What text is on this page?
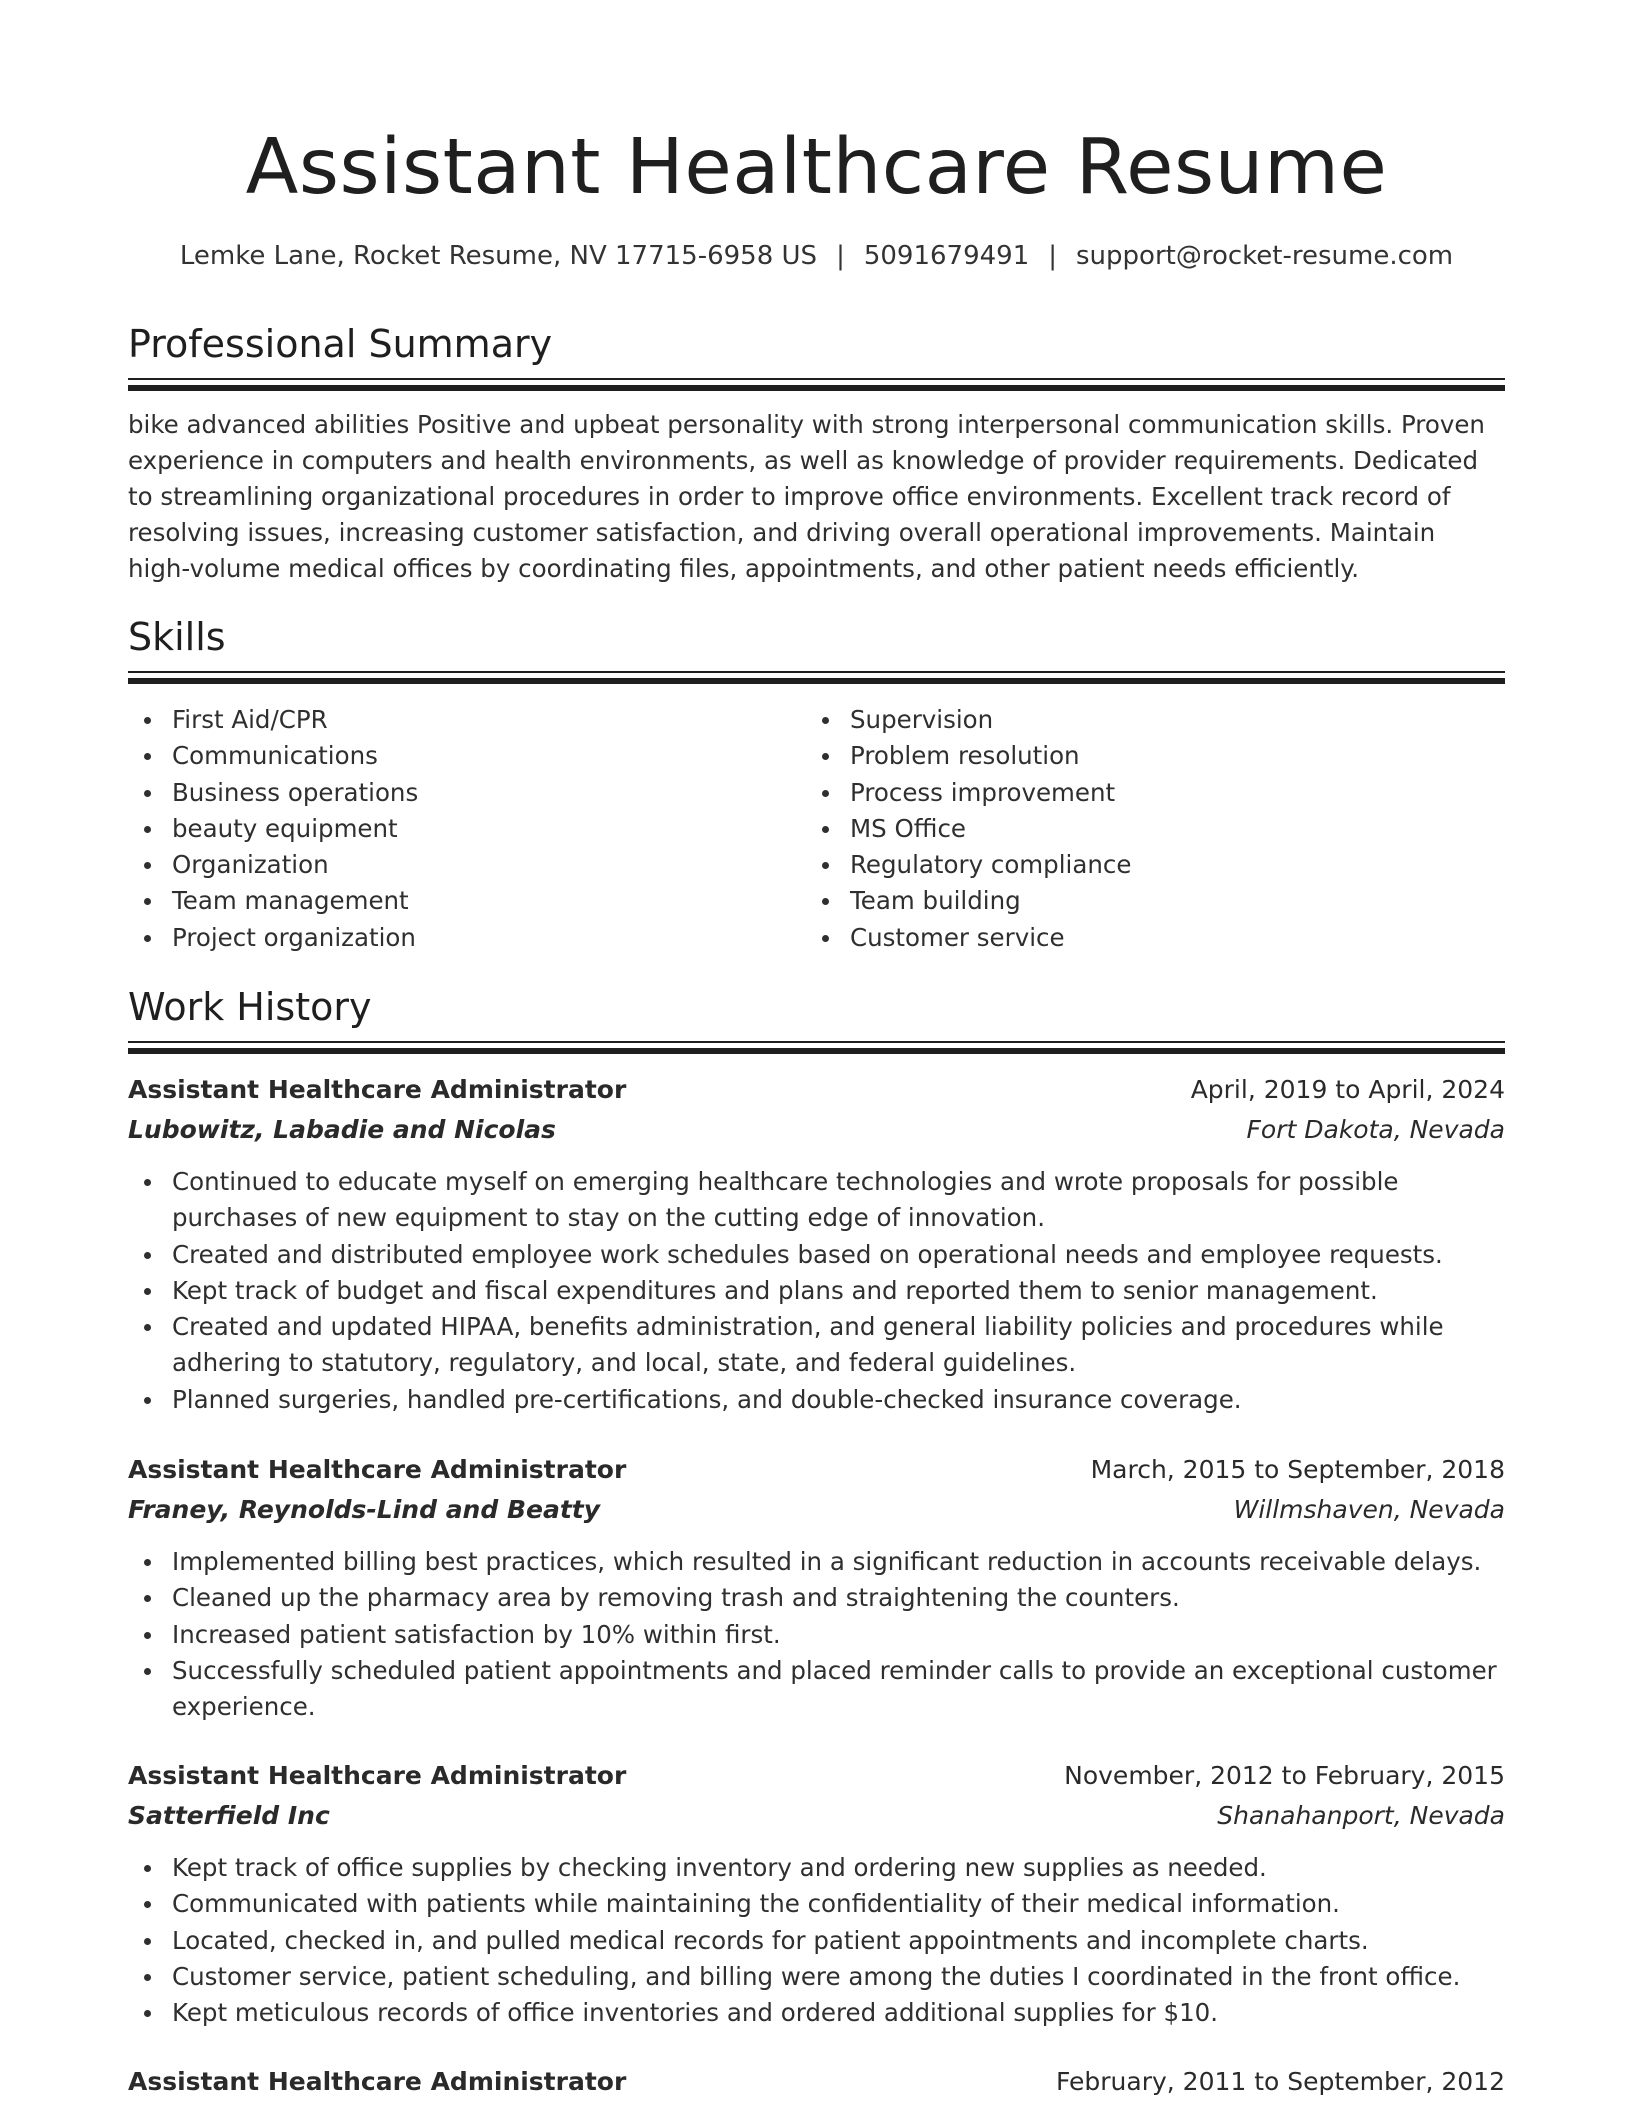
Assistant Healthcare Resume
Lemke Lane, Rocket Resume, NV 17715-6958 US | 5091679491 | support@rocket-resume.com
Professional Summary

bike advanced abilities Positive and upbeat personality with strong interpersonal communication skills. Proven experience in computers and health environments, as well as knowledge of provider requirements. Dedicated to streamlining organizational procedures in order to improve office environments. Excellent track record of resolving issues, increasing customer satisfaction, and driving overall operational improvements. Maintain high-volume medical offices by coordinating files, appointments, and other patient needs efficiently.

Skills
First Aid/CPR
Communications
Business operations
beauty equipment
Organization
Team management
Project organization
Supervision
Problem resolution
Process improvement
MS Office
Regulatory compliance
Team building
Customer service
Work History
Assistant Healthcare Administrator	April, 2019 to April, 2024
Lubowitz, Labadie and Nicolas	Fort Dakota, Nevada
Continued to educate myself on emerging healthcare technologies and wrote proposals for possible purchases of new equipment to stay on the cutting edge of innovation.
Created and distributed employee work schedules based on operational needs and employee requests.
Kept track of budget and fiscal expenditures and plans and reported them to senior management.
Created and updated HIPAA, benefits administration, and general liability policies and procedures while adhering to statutory, regulatory, and local, state, and federal guidelines.
Planned surgeries, handled pre-certifications, and double-checked insurance coverage.
Assistant Healthcare Administrator	March, 2015 to September, 2018
Franey, Reynolds-Lind and Beatty	Willmshaven, Nevada
Implemented billing best practices, which resulted in a significant reduction in accounts receivable delays.
Cleaned up the pharmacy area by removing trash and straightening the counters.
Increased patient satisfaction by 10% within first.
Successfully scheduled patient appointments and placed reminder calls to provide an exceptional customer experience.
Assistant Healthcare Administrator	November, 2012 to February, 2015
Satterfield Inc	Shanahanport, Nevada
Kept track of office supplies by checking inventory and ordering new supplies as needed.
Communicated with patients while maintaining the confidentiality of their medical information.
Located, checked in, and pulled medical records for patient appointments and incomplete charts.
Customer service, patient scheduling, and billing were among the duties I coordinated in the front office.
Kept meticulous records of office inventories and ordered additional supplies for $10.
Assistant Healthcare Administrator	February, 2011 to September, 2012
